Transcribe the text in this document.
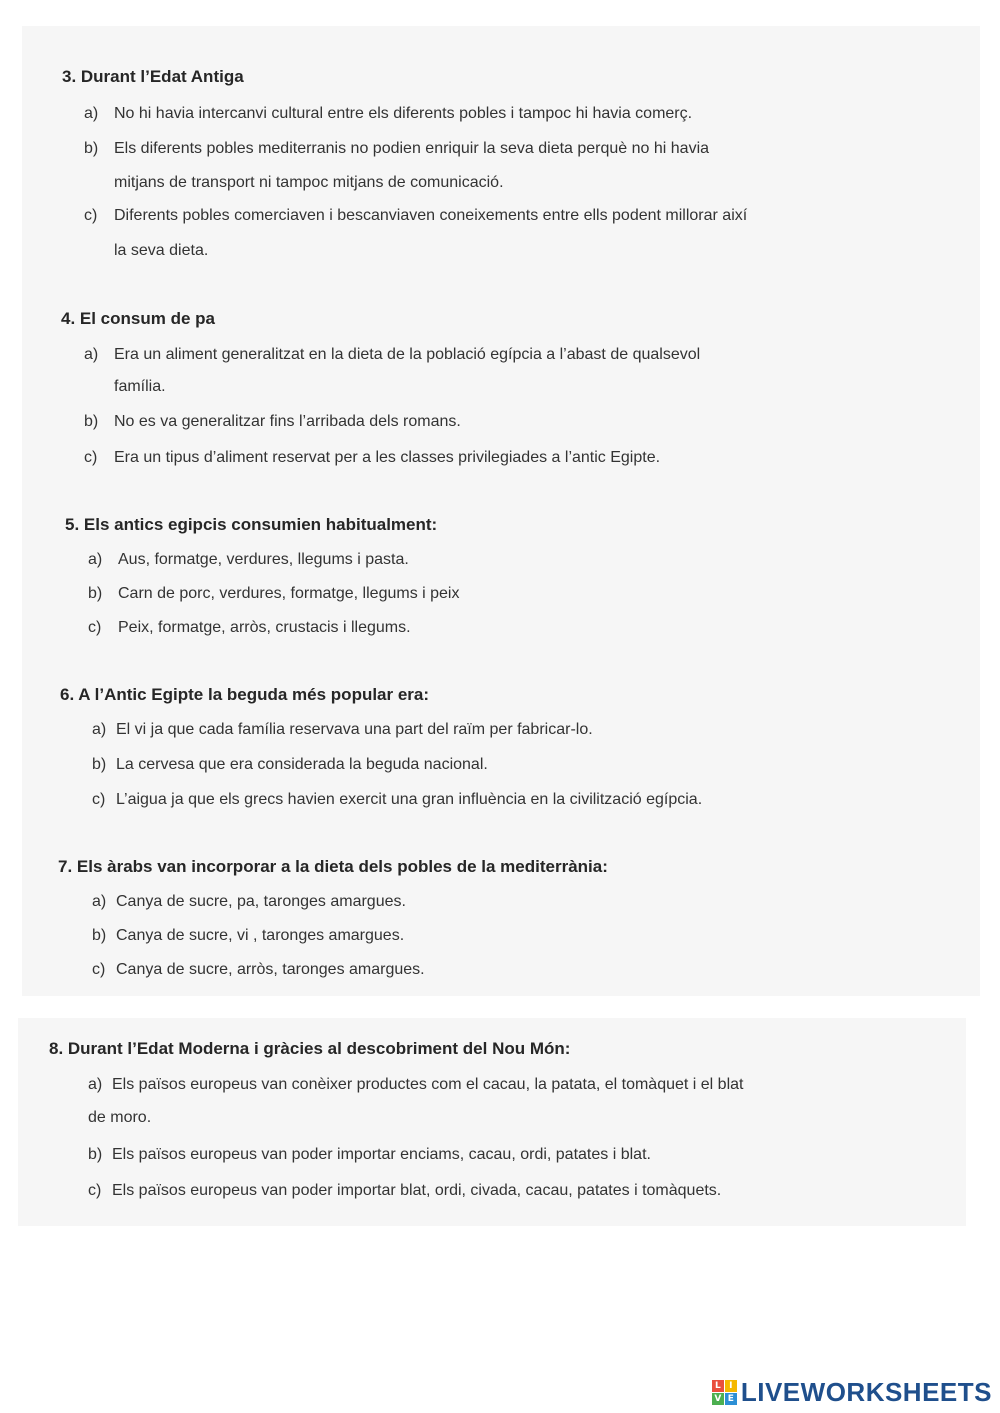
3. Durant l’Edat Antiga
a) No hi havia intercanvi cultural entre els diferents pobles i tampoc hi havia comerç.
b) Els diferents pobles mediterranis no podien enriquir la seva dieta perquè no hi havia
mitjans de transport ni tampoc mitjans de comunicació.
c) Diferents pobles comerciaven i bescanviaven coneixements entre ells podent millorar així
la seva dieta.
4. El consum de pa
a) Era un aliment generalitzat en la dieta de la població egípcia a l’abast de qualsevol
família.
b) No es va generalitzar fins l’arribada dels romans.
c) Era un tipus d’aliment reservat per a les classes privilegiades a l’antic Egipte.
5. Els antics egipcis consumien habitualment:
a) Aus, formatge, verdures, llegums i pasta.
b) Carn de porc, verdures, formatge, llegums i peix
c) Peix, formatge, arròs, crustacis i llegums.
6. A l’Antic Egipte la beguda més popular era:
a) El vi ja que cada família reservava una part del raïm per fabricar-lo.
b) La cervesa que era considerada la beguda nacional.
c) L’aigua ja que els grecs havien exercit una gran influència en la civilització egípcia.
7. Els àrabs van incorporar a la dieta dels pobles de la mediterrània:
a) Canya de sucre, pa, taronges amargues.
b) Canya de sucre, vi , taronges amargues.
c) Canya de sucre, arròs, taronges amargues.
8. Durant l’Edat Moderna i gràcies al descobriment del Nou Món:
a) Els països europeus van conèixer productes com el cacau, la patata, el tomàquet i el blat
de moro.
b) Els països europeus van poder importar enciams, cacau, ordi, patates i blat.
c) Els països europeus van poder importar blat, ordi, civada, cacau, patates i tomàquets.
L I
V E LIVEWORKSHEETS
